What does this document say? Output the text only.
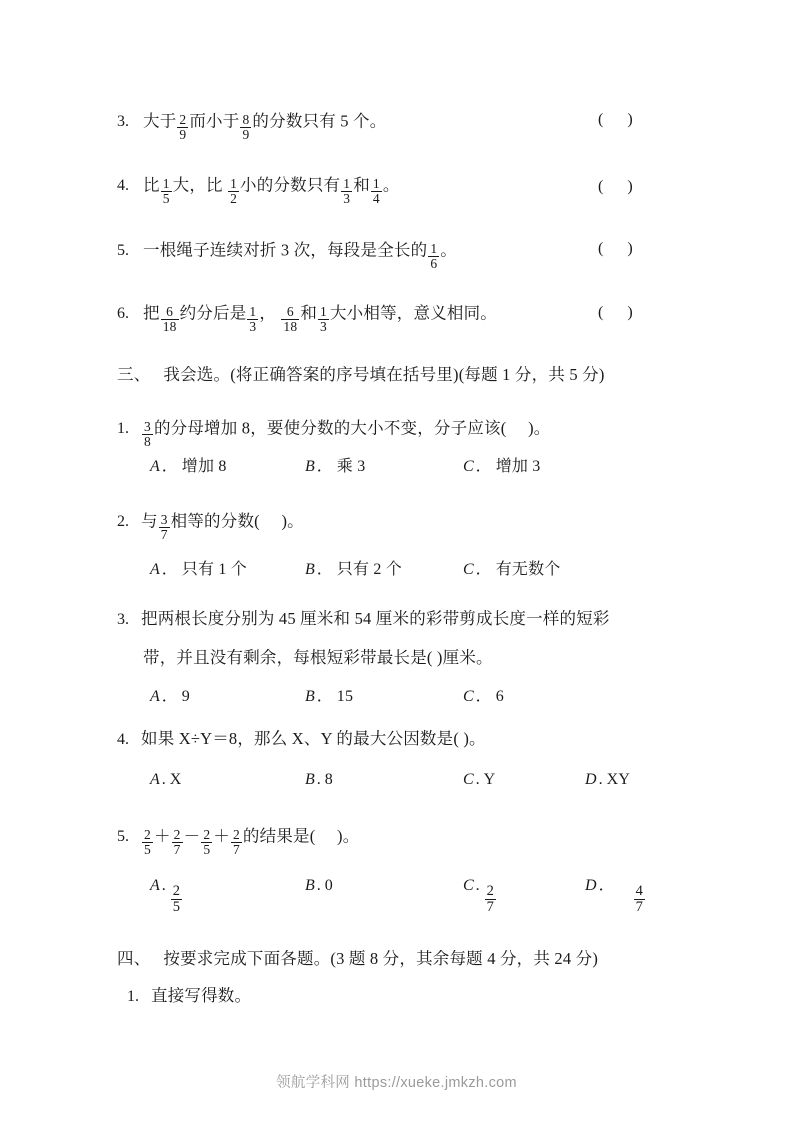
3. 大于 $\frac{2}{9}$ 而小于 $\frac{8}{9}$ 的分数只有 5 个。	(      )
4. 比 $\frac{1}{5}$ 大，比 $\frac{1}{2}$ 小的分数只有 $\frac{1}{3}$ 和 $\frac{1}{4}$ 。	(      )
5. 一根绳子连续对折 3 次，每段是全长的 $\frac{1}{6}$ 。	(      )
6. 把 $\frac{6}{18}$ 约分后是 $\frac{1}{3}$ ， $\frac{6}{18}$ 和 $\frac{1}{3}$ 大小相等，意义相同。	(      )
三、 我会选。(将正确答案的序号填在括号里)(每题 1 分，共 5 分)
1. $\frac{3}{8}$ 的分母增加 8，要使分数的大小不变，分子应该( )。
A ． 增加 8	B ． 乘 3	C ． 增加 3
2. 与 $\frac{3}{7}$ 相等的分数( )。
A ． 只有 1 个	B ． 只有 2 个	C ． 有无数个
3. 把两根长度分别为 45 厘米和 54 厘米的彩带剪成长度一样的短彩
带，并且没有剩余，每根短彩带最长是( )厘米。
A ． 9	B ． 15	C ． 6
4. 如果 X÷Y＝8，那么 X、Y 的最大公因数是( )。
A . X	B . 8	C . Y	D . XY
5. $\frac{2}{5} + \frac{2}{7} - \frac{2}{5} + \frac{2}{7}$ 的结果是( )。
A . $\frac{2}{5}$	B . 0	C . $\frac{2}{7}$	D ． $\frac{4}{7}$
四、 按要求完成下面各题。(3 题 8 分，其余每题 4 分，共 24 分)
1. 直接写得数。
领航学科网 https://xueke.jmkzh.com
